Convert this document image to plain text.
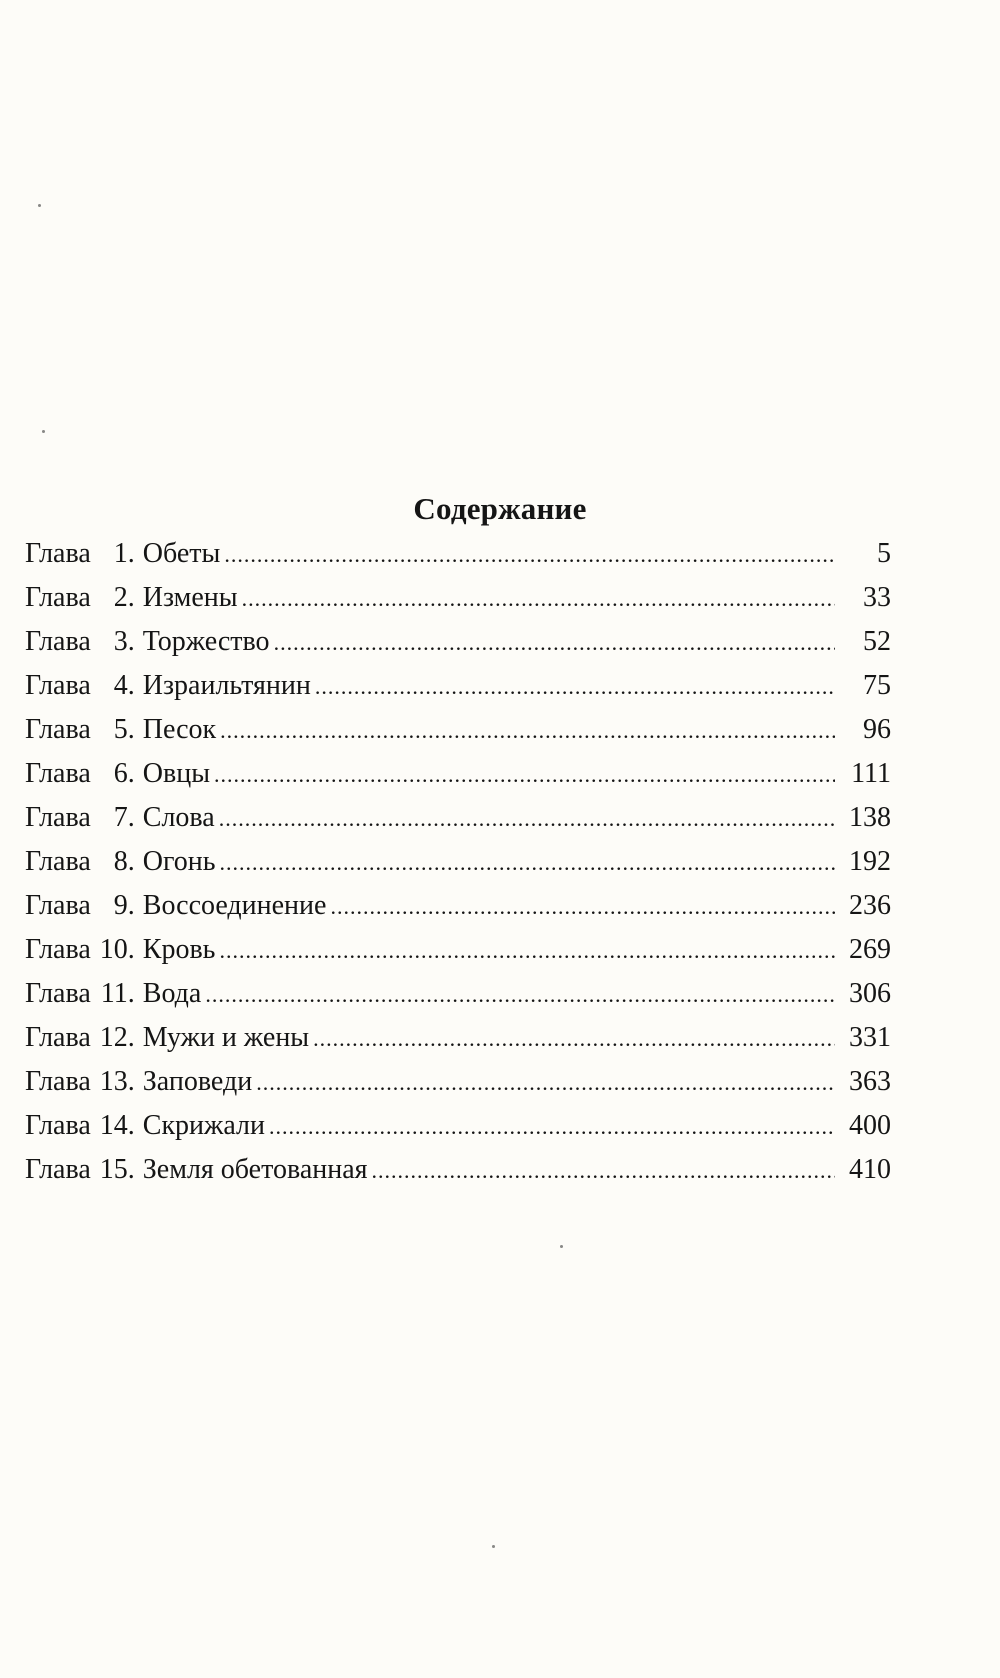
Содержание
Глава 1. Обеты .....	5
Глава 2. Измены .....	33
Глава 3. Торжество .....	52
Глава 4. Израильтянин .....	75
Глава 5. Песок .....	96
Глава 6. Овцы .....	111
Глава 7. Слова .....	138
Глава 8. Огонь .....	192
Глава 9. Воссоединение .....	236
Глава 10. Кровь .....	269
Глава 11. Вода .....	306
Глава 12. Мужи и жены .....	331
Глава 13. Заповеди .....	363
Глава 14. Скрижали .....	400
Глава 15. Земля обетованная .....	410
